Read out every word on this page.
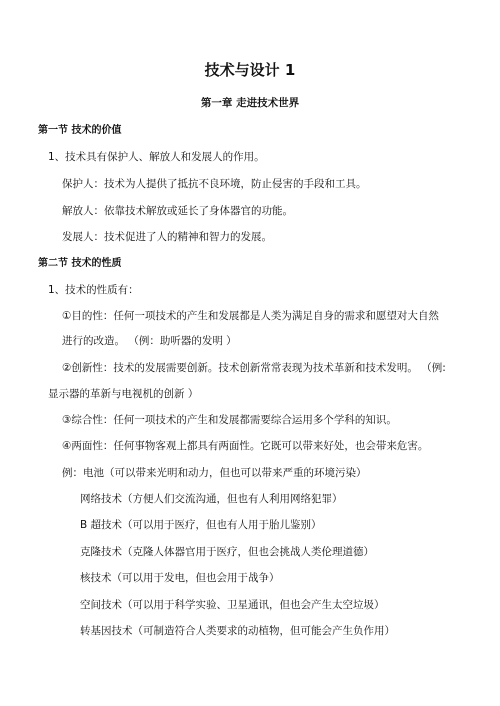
技术与设计 1
第一章 走进技术世界
第一节 技术的价值
1、技术具有保护人、解放人和发展人的作用。
保护人：技术为人提供了抵抗不良环境，防止侵害的手段和工具。
解放人：依靠技术解放或延长了身体器官的功能。
发展人：技术促进了人的精神和智力的发展。
第二节 技术的性质
1、技术的性质有：
①目的性：任何一项技术的产生和发展都是人类为满足自身的需求和愿望对大自然
进行的改造。 （例：助听器的发明 ）
②创新性：技术的发展需要创新。技术创新常常表现为技术革新和技术发明。 （例:
显示器的革新与电视机的创新 ）
③综合性：任何一项技术的产生和发展都需要综合运用多个学科的知识。
④两面性：任何事物客观上都具有两面性。它既可以带来好处，也会带来危害。
例：电池（可以带来光明和动力，但也可以带来严重的环境污染）
网络技术（方便人们交流沟通，但也有人利用网络犯罪）
B 超技术（可以用于医疗，但也有人用于胎儿鉴别）
克隆技术（克隆人体器官用于医疗，但也会挑战人类伦理道德）
核技术（可以用于发电，但也会用于战争）
空间技术（可以用于科学实验、卫星通讯，但也会产生太空垃圾）
转基因技术（可制造符合人类要求的动植物，但可能会产生负作用）
